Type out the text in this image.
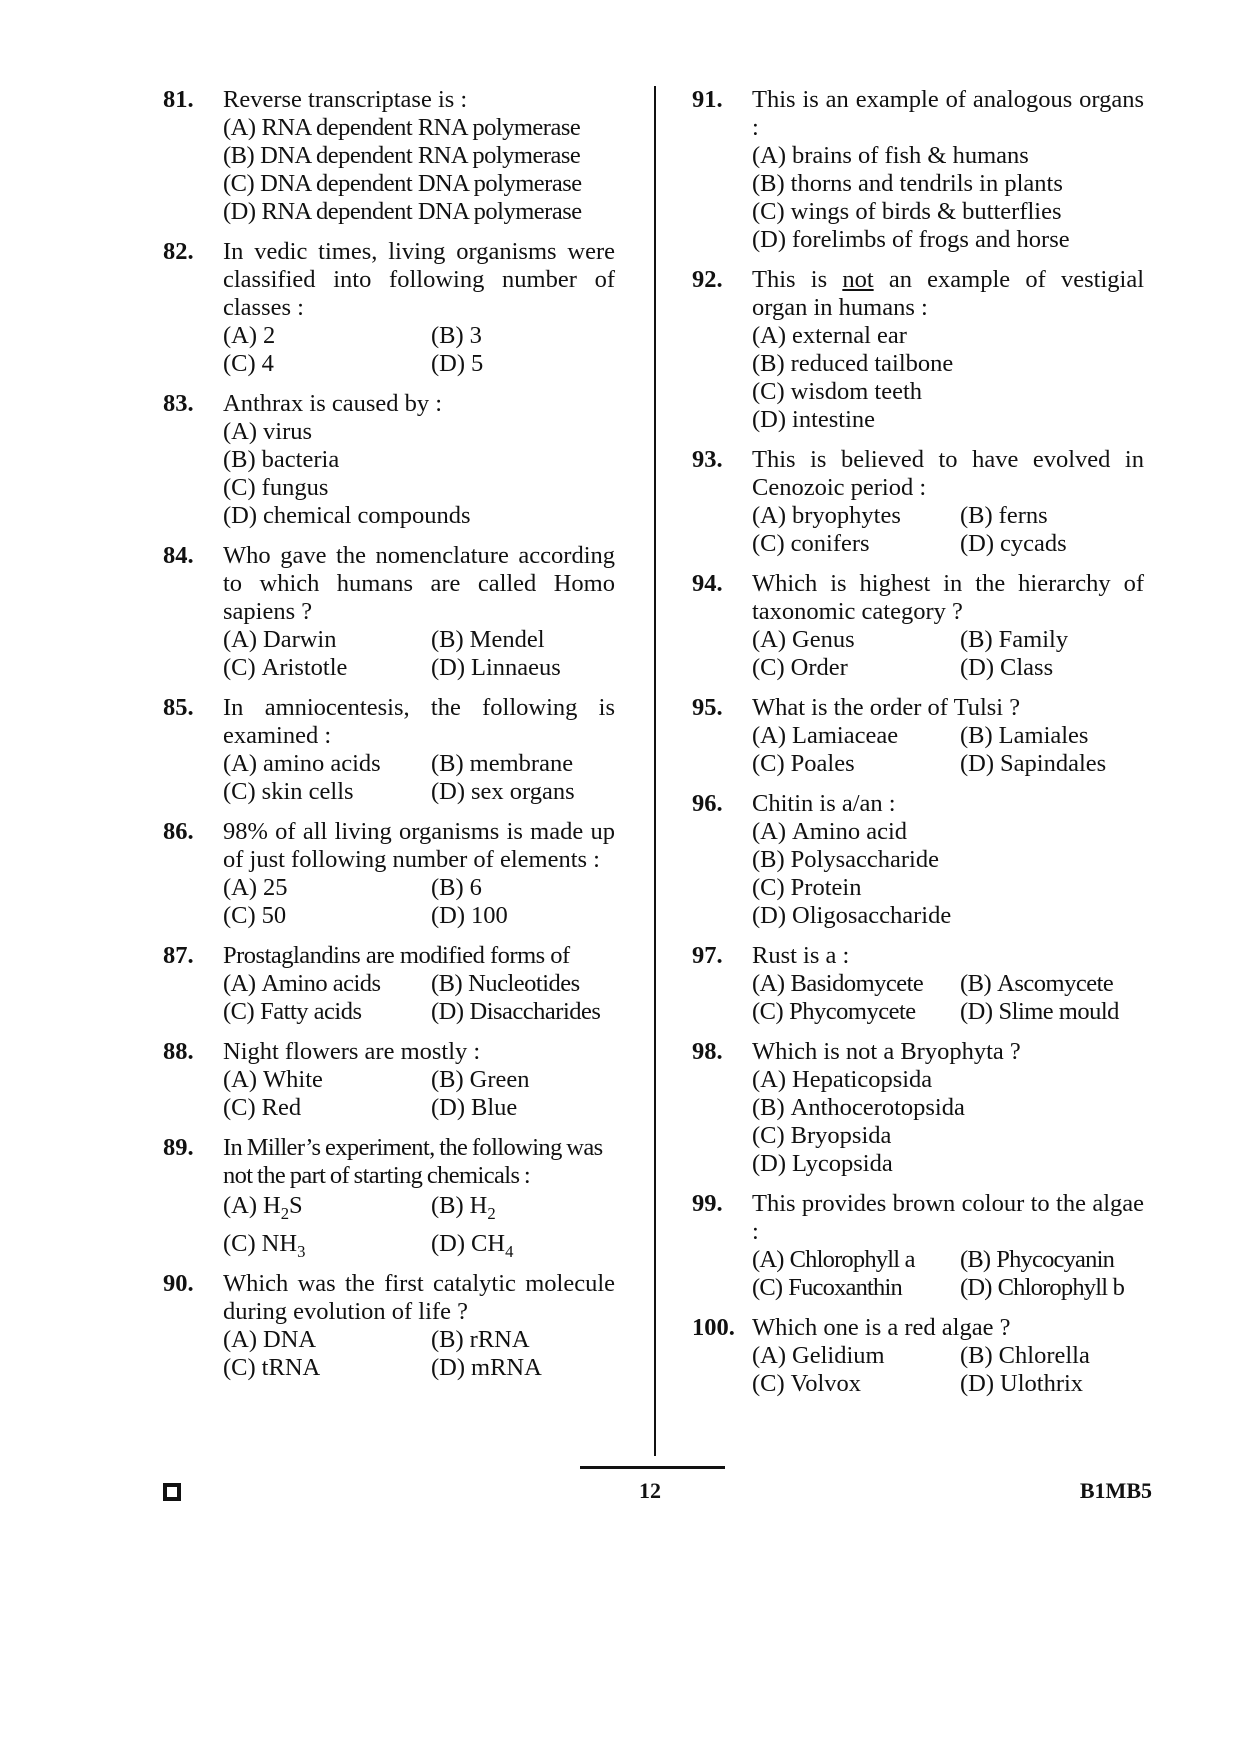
81. Reverse transcriptase is :
(A) RNA dependent RNA polymerase
(B) DNA dependent RNA polymerase
(C) DNA dependent DNA polymerase
(D) RNA dependent DNA polymerase
82. In vedic times, living organisms were classified into following number of classes :
(A) 2	(B) 3
(C) 4	(D) 5
83. Anthrax is caused by :
(A) virus
(B) bacteria
(C) fungus
(D) chemical compounds
84. Who gave the nomenclature according to which humans are called Homo sapiens ?
(A) Darwin	(B) Mendel
(C) Aristotle	(D) Linnaeus
85. In amniocentesis, the following is examined :
(A) amino acids	(B) membrane
(C) skin cells	(D) sex organs
86. 98% of all living organisms is made up of just following number of elements :
(A) 25	(B) 6
(C) 50	(D) 100
87. Prostaglandins are modified forms of
(A) Amino acids	(B) Nucleotides
(C) Fatty acids	(D) Disaccharides
88. Night flowers are mostly :
(A) White	(B) Green
(C) Red	(D) Blue
89. In Miller’s experiment, the following was not the part of starting chemicals :
(A) $H_2S$	(B) $H_2$
(C) $NH_3$	(D) $CH_4$
90. Which was the first catalytic molecule during evolution of life ?
(A) DNA	(B) rRNA
(C) tRNA	(D) mRNA
91. This is an example of analogous organs :
(A) brains of fish & humans
(B) thorns and tendrils in plants
(C) wings of birds & butterflies
(D) forelimbs of frogs and horse
92. This is not an example of vestigial organ in humans :
(A) external ear
(B) reduced tailbone
(C) wisdom teeth
(D) intestine
93. This is believed to have evolved in Cenozoic period :
(A) bryophytes	(B) ferns
(C) conifers	(D) cycads
94. Which is highest in the hierarchy of taxonomic category ?
(A) Genus	(B) Family
(C) Order	(D) Class
95. What is the order of Tulsi ?
(A) Lamiaceae	(B) Lamiales
(C) Poales	(D) Sapindales
96. Chitin is a/an :
(A) Amino acid
(B) Polysaccharide
(C) Protein
(D) Oligosaccharide
97. Rust is a :
(A) Basidomycete	(B) Ascomycete
(C) Phycomycete	(D) Slime mould
98. Which is not a Bryophyta ?
(A) Hepaticopsida
(B) Anthocerotopsida
(C) Bryopsida
(D) Lycopsida
99. This provides brown colour to the algae :
(A) Chlorophyll a	(B) Phycocyanin
(C) Fucoxanthin	(D) Chlorophyll b
100. Which one is a red algae ?
(A) Gelidium	(B) Chlorella
(C) Volvox	(D) Ulothrix
12	B1MB5
